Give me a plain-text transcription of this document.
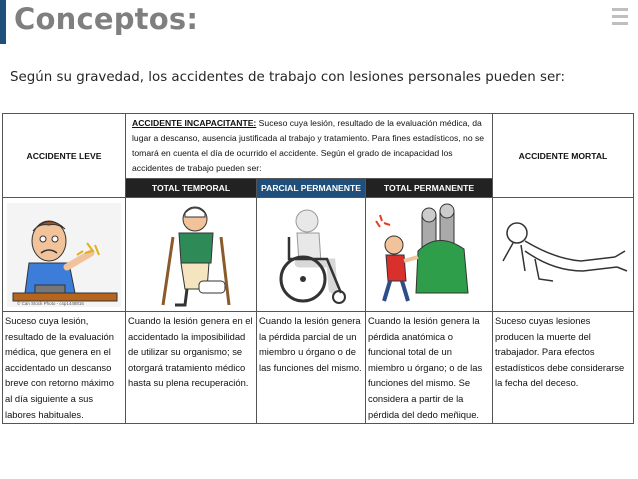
Conceptos:
Según su gravedad, los accidentes de trabajo con lesiones personales pueden ser:
ACCIDENTE LEVE	ACCIDENTE INCAPACITANTE: Suceso cuya lesión, resultado de la evaluación médica, da lugar a descanso, ausencia justificada al trabajo y tratamiento. Para fines estadísticos, no se tomará en cuenta el día de ocurrido el accidente. Según el grado de incapacidad los accidentes de trabajo pueden ser:			ACCIDENTE MORTAL
	TOTAL TEMPORAL	PARCIAL PERMANENTE	TOTAL PERMANENTE	

© Can Stock Photo - csp1448816

Suceso cuya lesión, resultado de la evaluación médica, que genera en el accidentado un descanso breve con retorno máximo al día siguiente a sus labores habituales.	Cuando la lesión genera en el accidentado la imposibilidad de utilizar su organismo; se otorgará tratamiento médico hasta su plena recuperación.	Cuando la lesión genera la pérdida parcial de un miembro u órgano o de las funciones del mismo.	Cuando la lesión genera la pérdida anatómica o funcional total de un miembro u órgano; o de las funciones del mismo. Se considera a partir de la pérdida del dedo meñique.	Suceso cuyas lesiones producen la muerte del trabajador. Para efectos estadísticos debe considerarse la fecha del deceso.
